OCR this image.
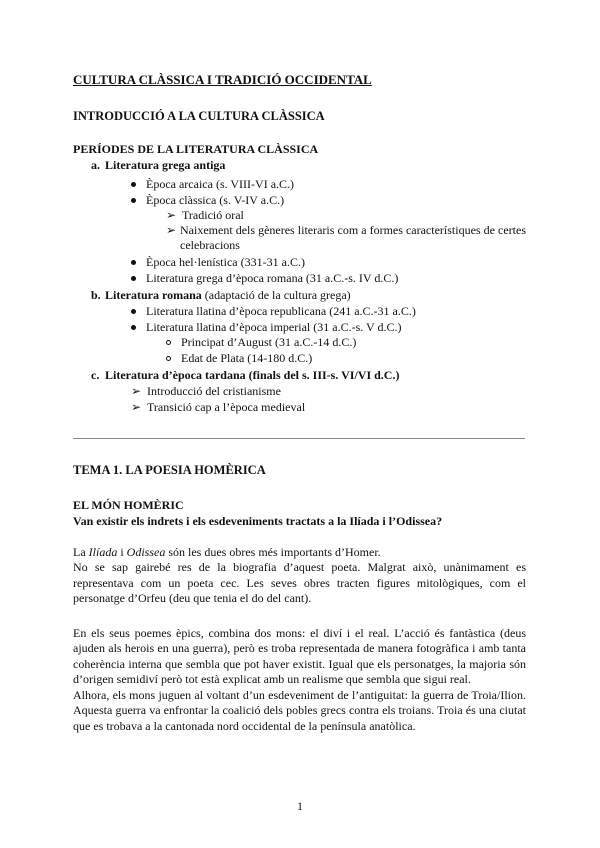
CULTURA CLÀSSICA I TRADICIÓ OCCIDENTAL
INTRODUCCIÓ A LA CULTURA CLÀSSICA
PERÍODES DE LA LITERATURA CLÀSSICA
a. Literatura grega antiga
Època arcaica (s. VIII-VI a.C.)
Època clàssica (s. V-IV a.C.)
➢ Tradició oral
➢ Naixement dels gèneres literaris com a formes característiques de certes celebracions
Època hel·lenística (331-31 a.C.)
Literatura grega d’època romana (31 a.C.-s. IV d.C.)
b. Literatura romana (adaptació de la cultura grega)
Literatura llatina d’època republicana (241 a.C.-31 a.C.)
Literatura llatina d’època imperial (31 a.C.-s. V d.C.)
Principat d’August (31 a.C.-14 d.C.)
Edat de Plata (14-180 d.C.)
c. Literatura d’època tardana (finals del s. III-s. VI/VI d.C.)
➢ Introducció del cristianisme
➢ Transició cap a l’època medieval
TEMA 1. LA POESIA HOMÈRICA
EL MÓN HOMÈRIC
Van existir els indrets i els esdeveniments tractats a la Ilíada i l’Odissea?

La Ilíada i Odissea són les dues obres més importants d’Homer.

No se sap gairebé res de la biografia d’aquest poeta. Malgrat això, unànimament es representava com un poeta cec. Les seves obres tracten figures mitològiques, com el personatge d’Orfeu (deu que tenia el do del cant).

En els seus poemes èpics, combina dos mons: el diví i el real. L’acció és fantàstica (deus ajuden als herois en una guerra), però es troba representada de manera fotogràfica i amb tanta coherència interna que sembla que pot haver existit. Igual que els personatges, la majoria són d’origen semidiví però tot està explicat amb un realisme que sembla que sigui real.

Alhora, els mons juguen al voltant d’un esdeveniment de l’antiguitat: la guerra de Troia/Ilion. Aquesta guerra va enfrontar la coalició dels pobles grecs contra els troians. Troia és una ciutat que es trobava a la cantonada nord occidental de la península anatòlica.

1
